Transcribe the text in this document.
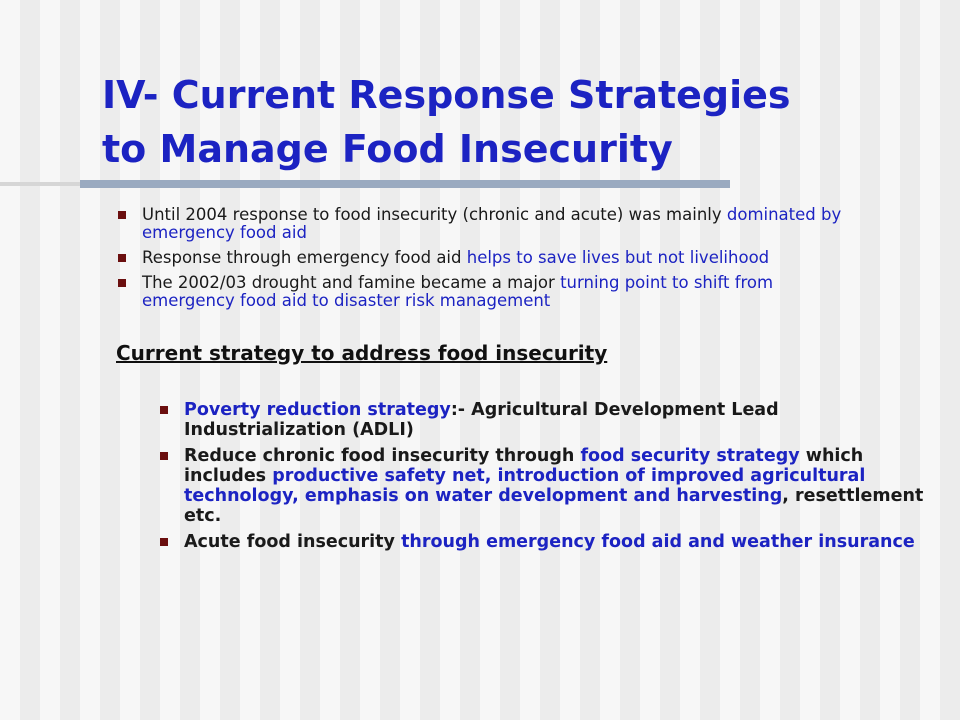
IV- Current Response Strategies
to Manage Food Insecurity
Until 2004 response to food insecurity (chronic and acute) was mainly dominated by emergency food aid
Response through emergency food aid helps to save lives but not livelihood
The 2002/03 drought and famine became a major turning point to shift from emergency food aid to disaster risk management

Current strategy to address food insecurity

Poverty reduction strategy:- Agricultural Development Lead Industrialization (ADLI)
Reduce chronic food insecurity through food security strategy which includes productive safety net, introduction of improved agricultural technology, emphasis on water development and harvesting, resettlement etc.
Acute food insecurity through emergency food aid and weather insurance
